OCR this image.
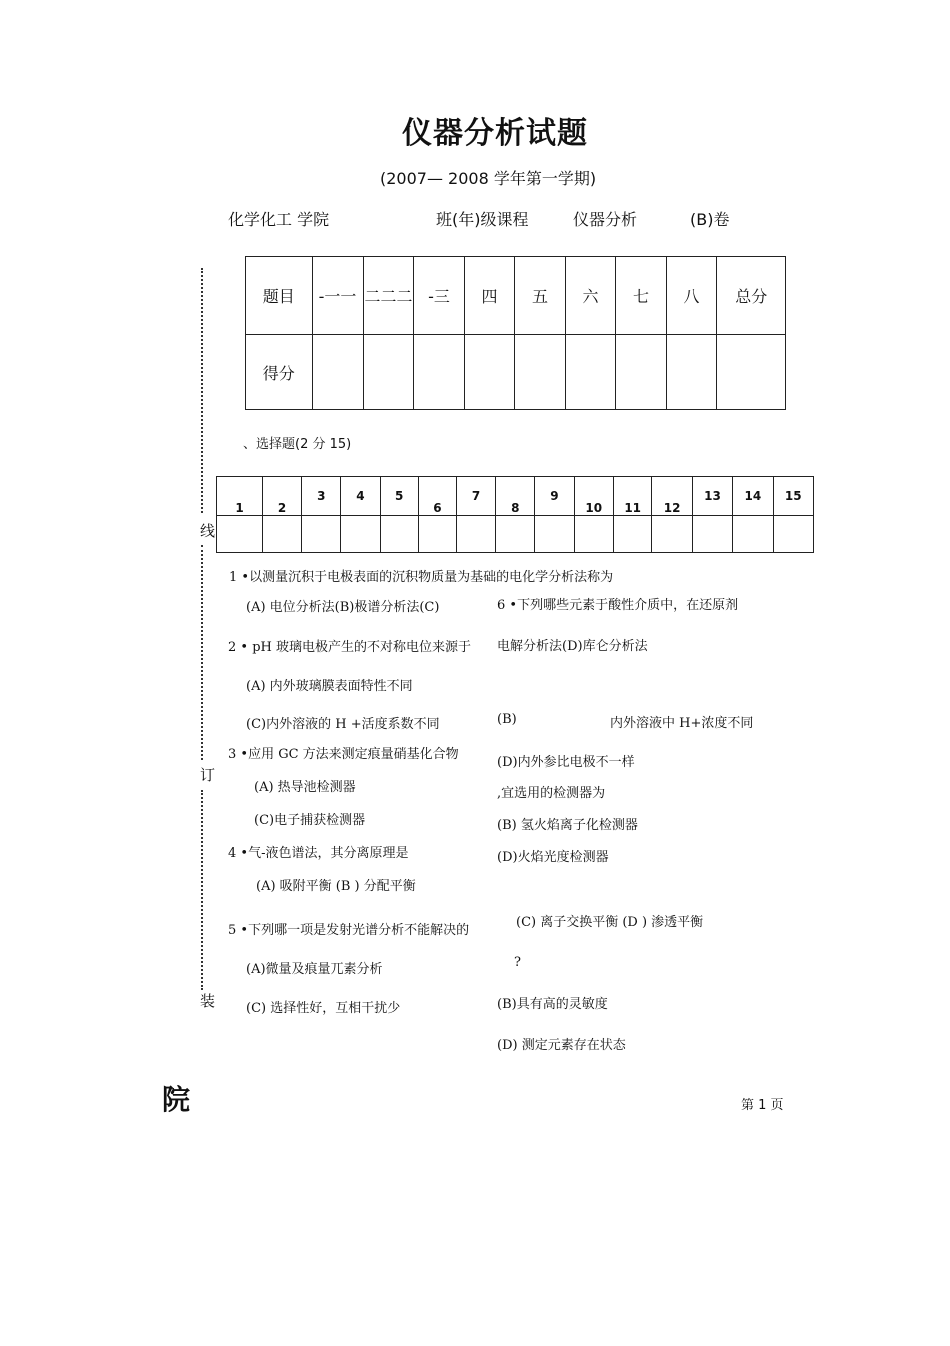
仪器分析试题
(2007— 2008 学年第一学期)
化学化工 学院	班(年)级课程	仪器分析	(B)卷
线
订
装
题目	-一一	二二二	-三	四	五	六	七	八	总分
得分									
、选择题(2 分 15)
1	2	3	4	5	6	7	8	9	10	11	12	13	14	15

1 •以测量沉积于电极表面的沉积物质量为基础的电化学分析法称为
(A) 电位分析法(B)极谱分析法(C)	6 •下列哪些元素于酸性介质中，在还原剂
2 • pH 玻璃电极产生的不对称电位来源于 电解分析法(D)库仑分析法
(A) 内外玻璃膜表面特性不同
(C)内外溶液的 H +活度系数不同	(B)	内外溶液中 H+浓度不同
3 •应用 GC 方法来测定痕量硝基化合物
(D)内外参比电极不一样
(A) 热导池检测器	,宜选用的检测器为
(C)电子捕获检测器	(B) 氢火焰离子化检测器
4 •气-液色谱法，其分离原理是	(D)火焰光度检测器
(A) 吸附平衡 (B ) 分配平衡
(C) 离子交换平衡 (D ) 渗透平衡
5 •下列哪一项是发射光谱分析不能解决的
(A)微量及痕量兀素分析	?
(C) 选择性好，互相干扰少	(B)具有高的灵敏度
(D) 测定元素存在状态
院	第 1 页
